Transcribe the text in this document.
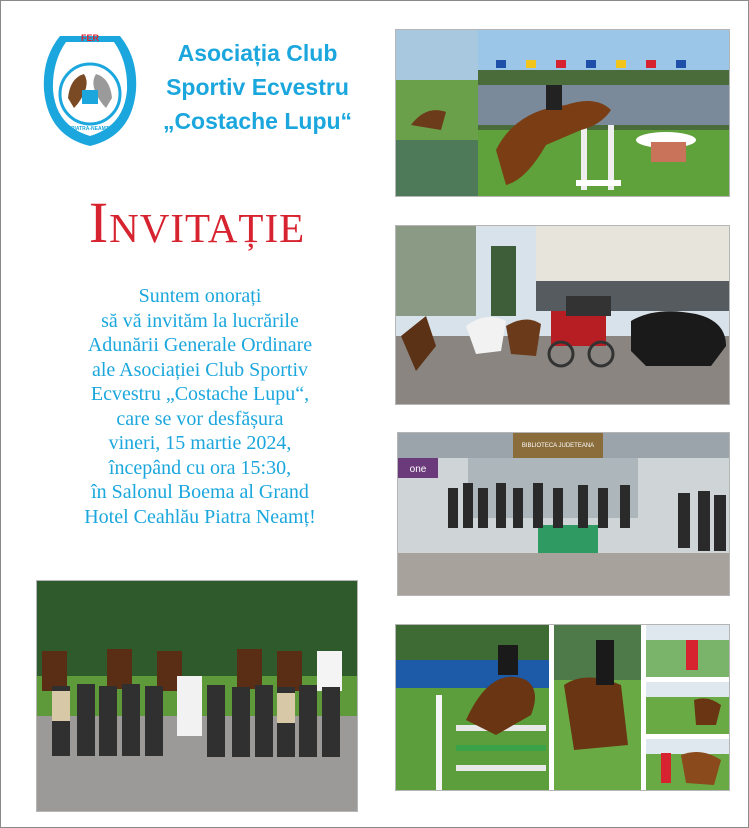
FER
PIATRA-NEAMT
Asociația Club
Sportiv Ecvestru
„Costache Lupu“
Invitație
Suntem onorați
să vă invităm la lucrările
Adunării Generale Ordinare
ale Asociației Club Sportiv
Ecvestru „Costache Lupu“,
care se vor desfășura
vineri, 15 martie 2024,
începând cu ora 15:30,
în Salonul Boema al Grand
Hotel Ceahlău Piatra Neamț!
one
BIBLIOTECA JUDETEANA
